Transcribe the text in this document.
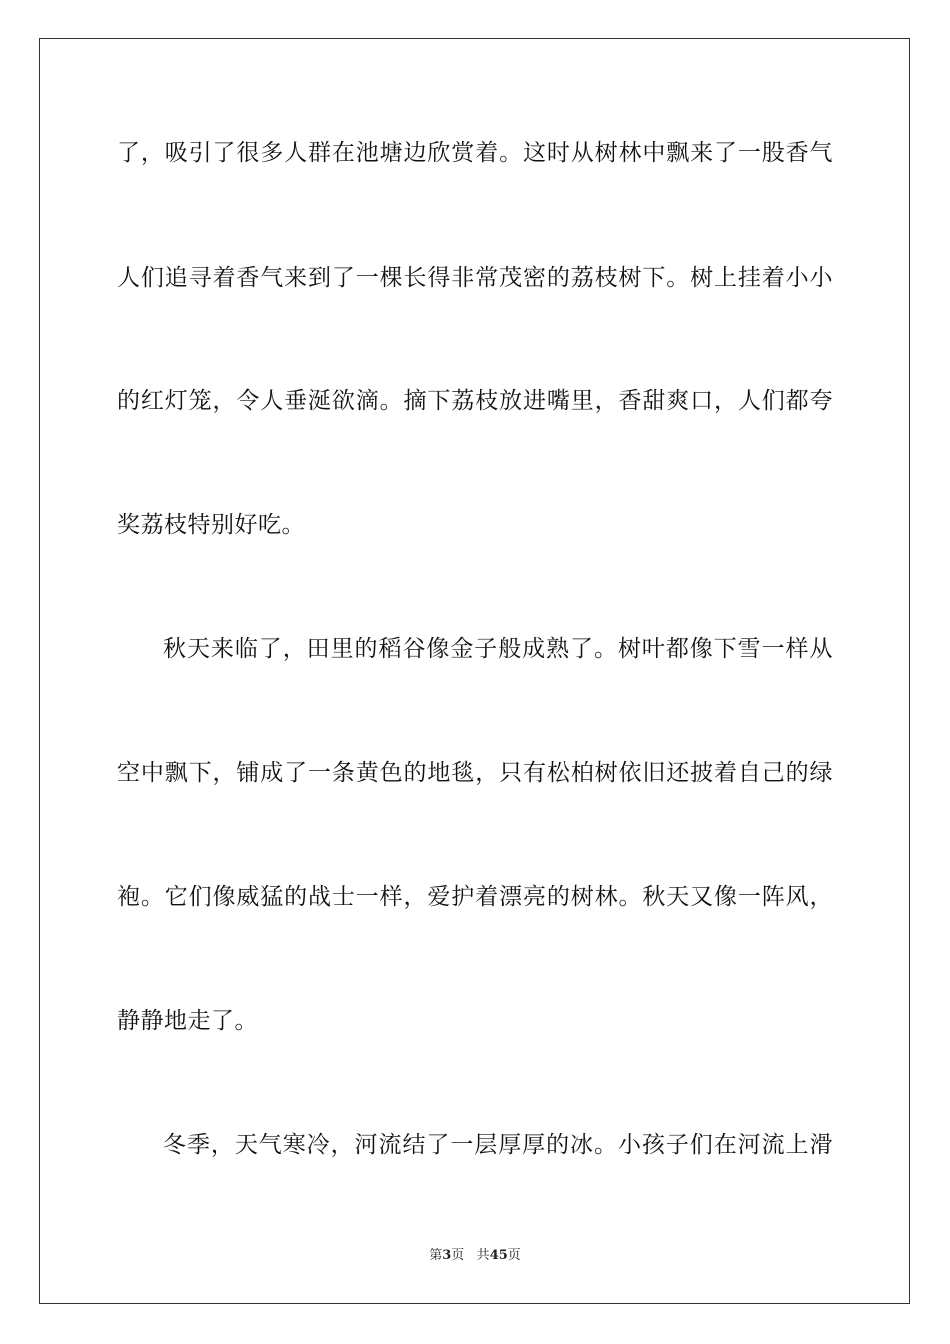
了，吸引了很多人群在池塘边欣赏着。这时从树林中飘来了一股香气
人们追寻着香气来到了一棵长得非常茂密的荔枝树下。树上挂着小小
的红灯笼，令人垂涎欲滴。摘下荔枝放进嘴里，香甜爽口，人们都夸
奖荔枝特别好吃。
秋天来临了，田里的稻谷像金子般成熟了。树叶都像下雪一样从
空中飘下，铺成了一条黄色的地毯，只有松柏树依旧还披着自己的绿
袍。它们像威猛的战士一样，爱护着漂亮的树林。秋天又像一阵风，
静静地走了。
冬季，天气寒冷，河流结了一层厚厚的冰。小孩子们在河流上滑
第3页 共45页
